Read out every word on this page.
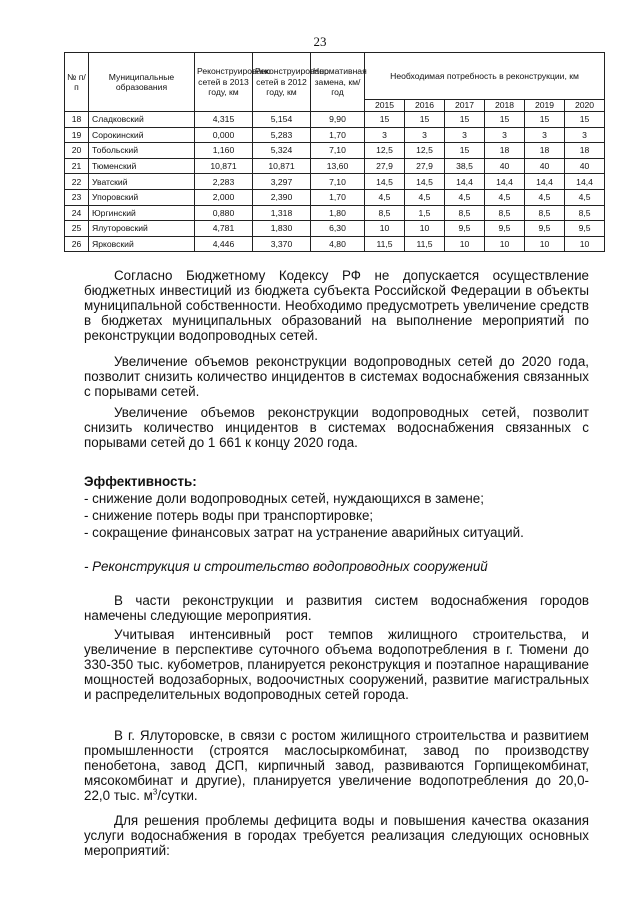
23
№ п/п	Муниципальные образования	Реконструировано сетей в 2013 году, км	Реконструировано сетей в 2012 году, км	Нормативная замена, км/год	Необходимая потребность в реконструкции, км					
					2015	2016	2017	2018	2019	2020
18	Сладковский	4,315	5,154	9,90	15	15	15	15	15	15
19	Сорокинский	0,000	5,283	1,70	3	3	3	3	3	3
20	Тобольский	1,160	5,324	7,10	12,5	12,5	15	18	18	18
21	Тюменский	10,871	10,871	13,60	27,9	27,9	38,5	40	40	40
22	Уватский	2,283	3,297	7,10	14,5	14,5	14,4	14,4	14,4	14,4
23	Упоровский	2,000	2,390	1,70	4,5	4,5	4,5	4,5	4,5	4,5
24	Юргинский	0,880	1,318	1,80	8,5	1,5	8,5	8,5	8,5	8,5
25	Ялуторовский	4,781	1,830	6,30	10	10	9,5	9,5	9,5	9,5
26	Ярковский	4,446	3,370	4,80	11,5	11,5	10	10	10	10

Согласно Бюджетному Кодексу РФ не допускается осуществление бюджетных инвестиций из бюджета субъекта Российской Федерации в объекты муниципальной собственности. Необходимо предусмотреть увеличение средств в бюджетах муниципальных образований на выполнение мероприятий по реконструкции водопроводных сетей.

Увеличение объемов реконструкции водопроводных сетей до 2020 года, позволит снизить количество инцидентов в системах водоснабжения связанных с порывами сетей.

Увеличение объемов реконструкции водопроводных сетей, позволит снизить количество инцидентов в системах водоснабжения связанных с порывами сетей до 1 661 к концу 2020 года.

Эффективность:

- снижение доли водопроводных сетей, нуждающихся в замене;

- снижение потерь воды при транспортировке;

- сокращение финансовых затрат на устранение аварийных ситуаций.

- Реконструкция и строительство водопроводных сооружений

В части реконструкции и развития систем водоснабжения городов намечены следующие мероприятия.

Учитывая интенсивный рост темпов жилищного строительства, и увеличение в перспективе суточного объема водопотребления в г. Тюмени до 330-350 тыс. кубометров, планируется реконструкция и поэтапное наращивание мощностей водозаборных, водоочистных сооружений, развитие магистральных и распределительных водопроводных сетей города.

В г. Ялуторовске, в связи с ростом жилищного строительства и развитием промышленности (строятся маслосыркомбинат, завод по производству пенобетона, завод ДСП, кирпичный завод, развиваются Горпищекомбинат, мясокомбинат и другие), планируется увеличение водопотребления до 20,0- 22,0 тыс. $м^3$/сутки.

Для решения проблемы дефицита воды и повышения качества оказания услуги водоснабжения в городах требуется реализация следующих основных мероприятий:
